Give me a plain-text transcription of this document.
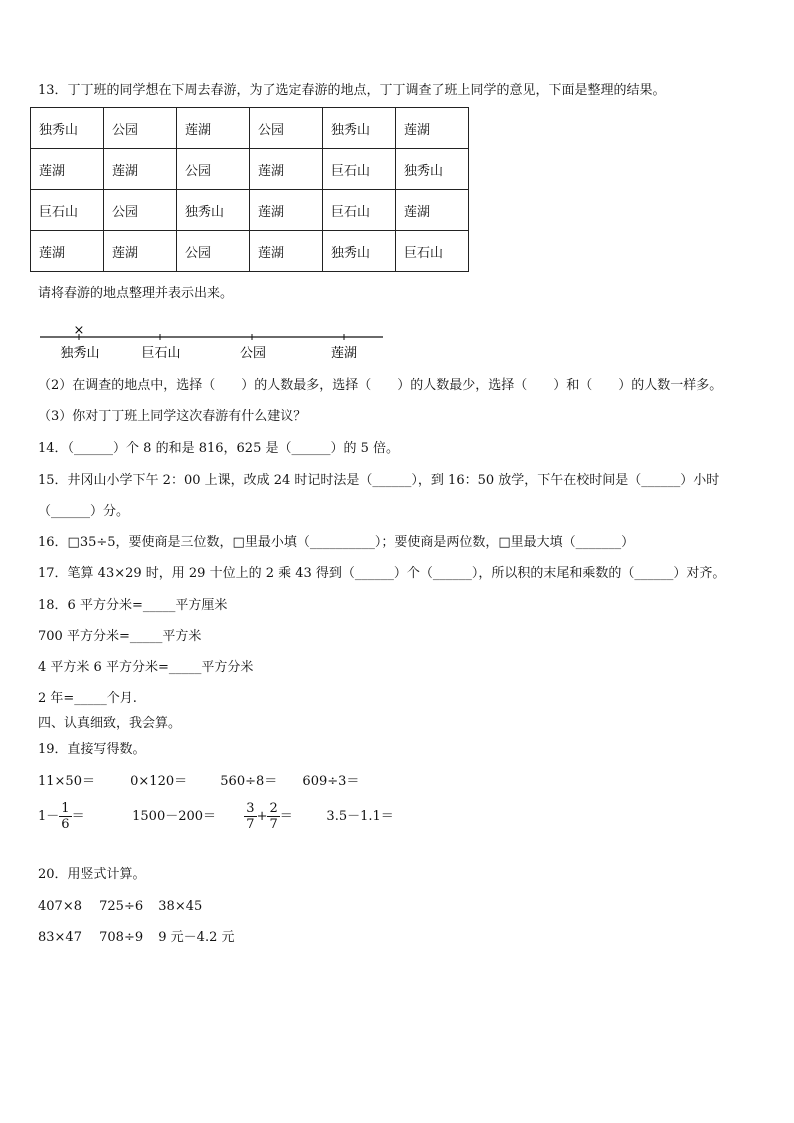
13．丁丁班的同学想在下周去春游，为了选定春游的地点，丁丁调查了班上同学的意见，下面是整理的结果。
独秀山	公园	莲湖	公园	独秀山	莲湖
莲湖	莲湖	公园	莲湖	巨石山	独秀山
巨石山	公园	独秀山	莲湖	巨石山	莲湖
莲湖	莲湖	公园	莲湖	独秀山	巨石山
请将春游的地点整理并表示出来。
×
独秀山	巨石山	公园	莲湖
（2）在调查的地点中，选择（　　）的人数最多，选择（　　）的人数最少，选择（　　）和（　　）的人数一样多。
（3）你对丁丁班上同学这次春游有什么建议？
14．（______）个 8 的和是 816，625 是（______）的 5 倍。
15．井冈山小学下午 2：00 上课，改成 24 时记时法是（______），到 16：50 放学，下午在校时间是（______）小时
（______）分。
16．□35÷5，要使商是三位数，□里最小填（__________）；要使商是两位数，□里最大填（_______）
17．笔算 43×29 时，用 29 十位上的 2 乘 43 得到（______）个（______），所以积的末尾和乘数的（______）对齐。
18．6 平方分米=_____平方厘米
700 平方分米=_____平方米
4 平方米 6 平方分米=_____平方分米
2 年=_____个月.
四、认真细致，我会算。
19．直接写得数。
11×50＝	0×120＝	560÷8＝ 609÷3＝
$1- \frac{1}{6}$ ＝	$1500-200= \frac{3}{7} + \frac{2}{7}$ ＝	3.5－1.1＝
20．用竖式计算。
407×8 725÷6 38×45
83×47 708÷9 9 元－4.2 元
